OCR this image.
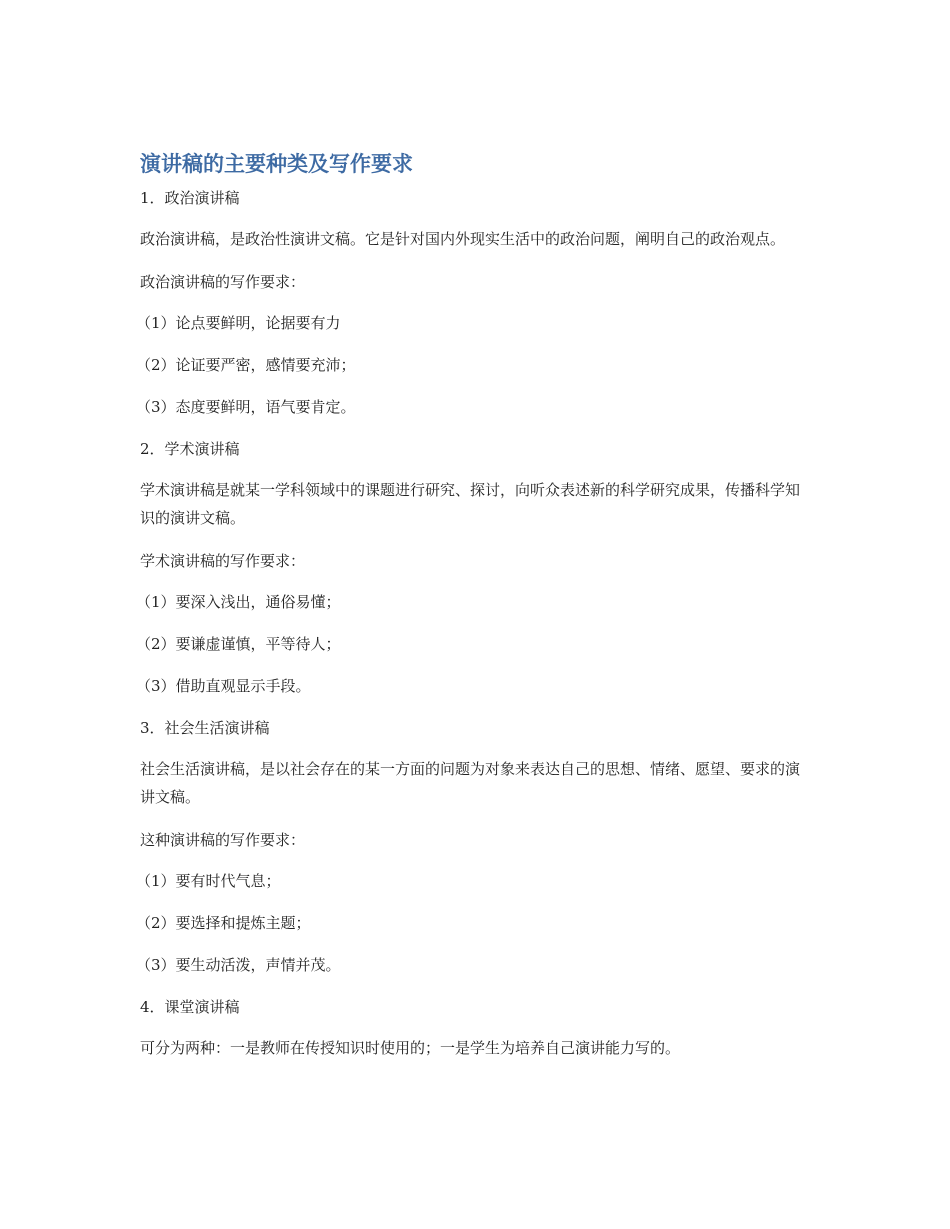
演讲稿的主要种类及写作要求
1．政治演讲稿
政治演讲稿，是政治性演讲文稿。它是针对国内外现实生活中的政治问题，阐明自己的政治观点。
政治演讲稿的写作要求：
（1）论点要鲜明，论据要有力
（2）论证要严密，感情要充沛；
（3）态度要鲜明，语气要肯定。
2．学术演讲稿
学术演讲稿是就某一学科领域中的课题进行研究、探讨，向听众表述新的科学研究成果，传播科学知识的演讲文稿。
学术演讲稿的写作要求：
（1）要深入浅出，通俗易懂；
（2）要谦虚谨慎，平等待人；
（3）借助直观显示手段。
3．社会生活演讲稿
社会生活演讲稿，是以社会存在的某一方面的问题为对象来表达自己的思想、情绪、愿望、要求的演讲文稿。
这种演讲稿的写作要求：
（1）要有时代气息；
（2）要选择和提炼主题；
（3）要生动活泼，声情并茂。
4．课堂演讲稿
可分为两种：一是教师在传授知识时使用的；一是学生为培养自己演讲能力写的。
